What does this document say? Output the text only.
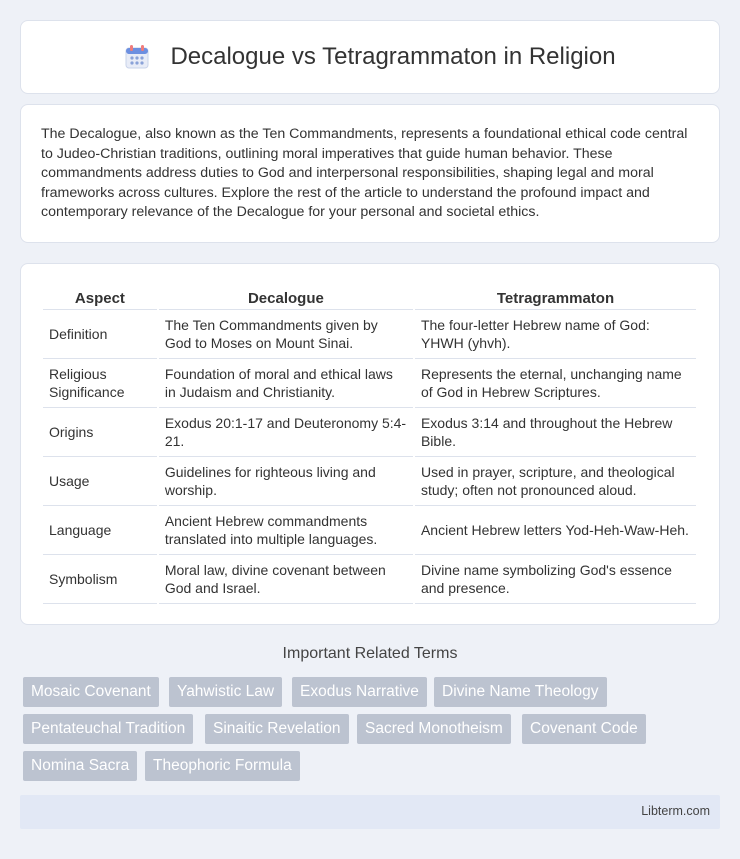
Decalogue vs Tetragrammaton in Religion

The Decalogue, also known as the Ten Commandments, represents a foundational ethical code central to Judeo-Christian traditions, outlining moral imperatives that guide human behavior. These commandments address duties to God and interpersonal responsibilities, shaping legal and moral frameworks across cultures. Explore the rest of the article to understand the profound impact and contemporary relevance of the Decalogue for your personal and societal ethics.

Aspect	Decalogue	Tetragrammaton
Definition	The Ten Commandments given by God to Moses on Mount Sinai.	The four-letter Hebrew name of God: YHWH (yhvh).
Religious Significance	Foundation of moral and ethical laws in Judaism and Christianity.	Represents the eternal, unchanging name of God in Hebrew Scriptures.
Origins	Exodus 20:1-17 and Deuteronomy 5:4-21.	Exodus 3:14 and throughout the Hebrew Bible.
Usage	Guidelines for righteous living and worship.	Used in prayer, scripture, and theological study; often not pronounced aloud.
Language	Ancient Hebrew commandments translated into multiple languages.	Ancient Hebrew letters Yod-Heh-Waw-Heh.
Symbolism	Moral law, divine covenant between God and Israel.	Divine name symbolizing God's essence and presence.
Important Related Terms
Mosaic Covenant	Yahwistic Law	Exodus Narrative	Divine Name Theology
Pentateuchal Tradition	Sinaitic Revelation	Sacred Monotheism	Covenant Code
Nomina Sacra	Theophoric Formula
Libterm.com
